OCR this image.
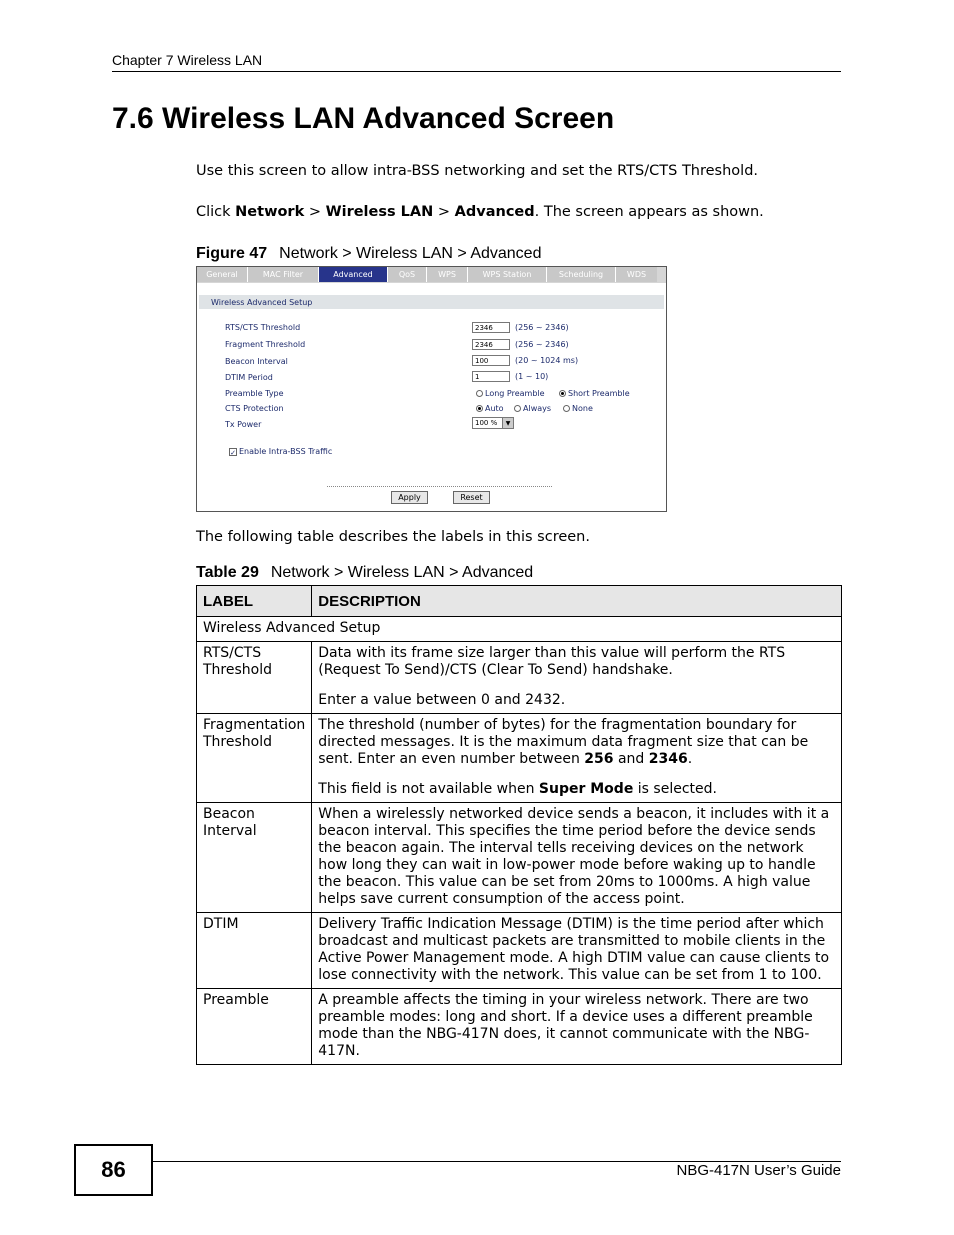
Chapter 7 Wireless LAN
7.6 Wireless LAN Advanced Screen
Use this screen to allow intra-BSS networking and set the RTS/CTS Threshold.
Click Network > Wireless LAN > Advanced. The screen appears as shown.
Figure 47 Network > Wireless LAN > Advanced
General	MAC Filter	Advanced	QoS	WPS	WPS Station	Scheduling	WDS
Wireless Advanced Setup
RTS/CTS Threshold	2346	(256 ~ 2346)
Fragment Threshold	2346	(256 ~ 2346)
Beacon Interval	100	(20 ~ 1024 ms)
DTIM Period	1	(1 ~ 10)
Preamble Type	Long Preamble	Short Preamble
CTS Protection	Auto Always	None
Tx Power	100 %	▼
✓ Enable Intra-BSS Traffic
Apply	Reset
The following table describes the labels in this screen.
Table 29 Network > Wireless LAN > Advanced
LABEL	DESCRIPTION
Wireless Advanced Setup	
RTS/CTS Threshold	Data with its frame size larger than this value will perform the RTS (Request To Send)/CTS (Clear To Send) handshake.

Enter a value between 0 and 2432.

Fragmentation Threshold	The threshold (number of bytes) for the fragmentation boundary for directed messages. It is the maximum data fragment size that can be sent. Enter an even number between 256 and 2346.

This field is not available when Super Mode is selected.

Beacon Interval	When a wirelessly networked device sends a beacon, it includes with it a beacon interval. This specifies the time period before the device sends the beacon again. The interval tells receiving devices on the network how long they can wait in low-power mode before waking up to handle the beacon. This value can be set from 20ms to 1000ms. A high value helps save current consumption of the access point.
DTIM	Delivery Traffic Indication Message (DTIM) is the time period after which broadcast and multicast packets are transmitted to mobile clients in the Active Power Management mode. A high DTIM value can cause clients to lose connectivity with the network. This value can be set from 1 to 100.
Preamble	A preamble affects the timing in your wireless network. There are two preamble modes: long and short. If a device uses a different preamble mode than the NBG-417N does, it cannot communicate with the NBG-417N.
86	NBG-417N User’s Guide
